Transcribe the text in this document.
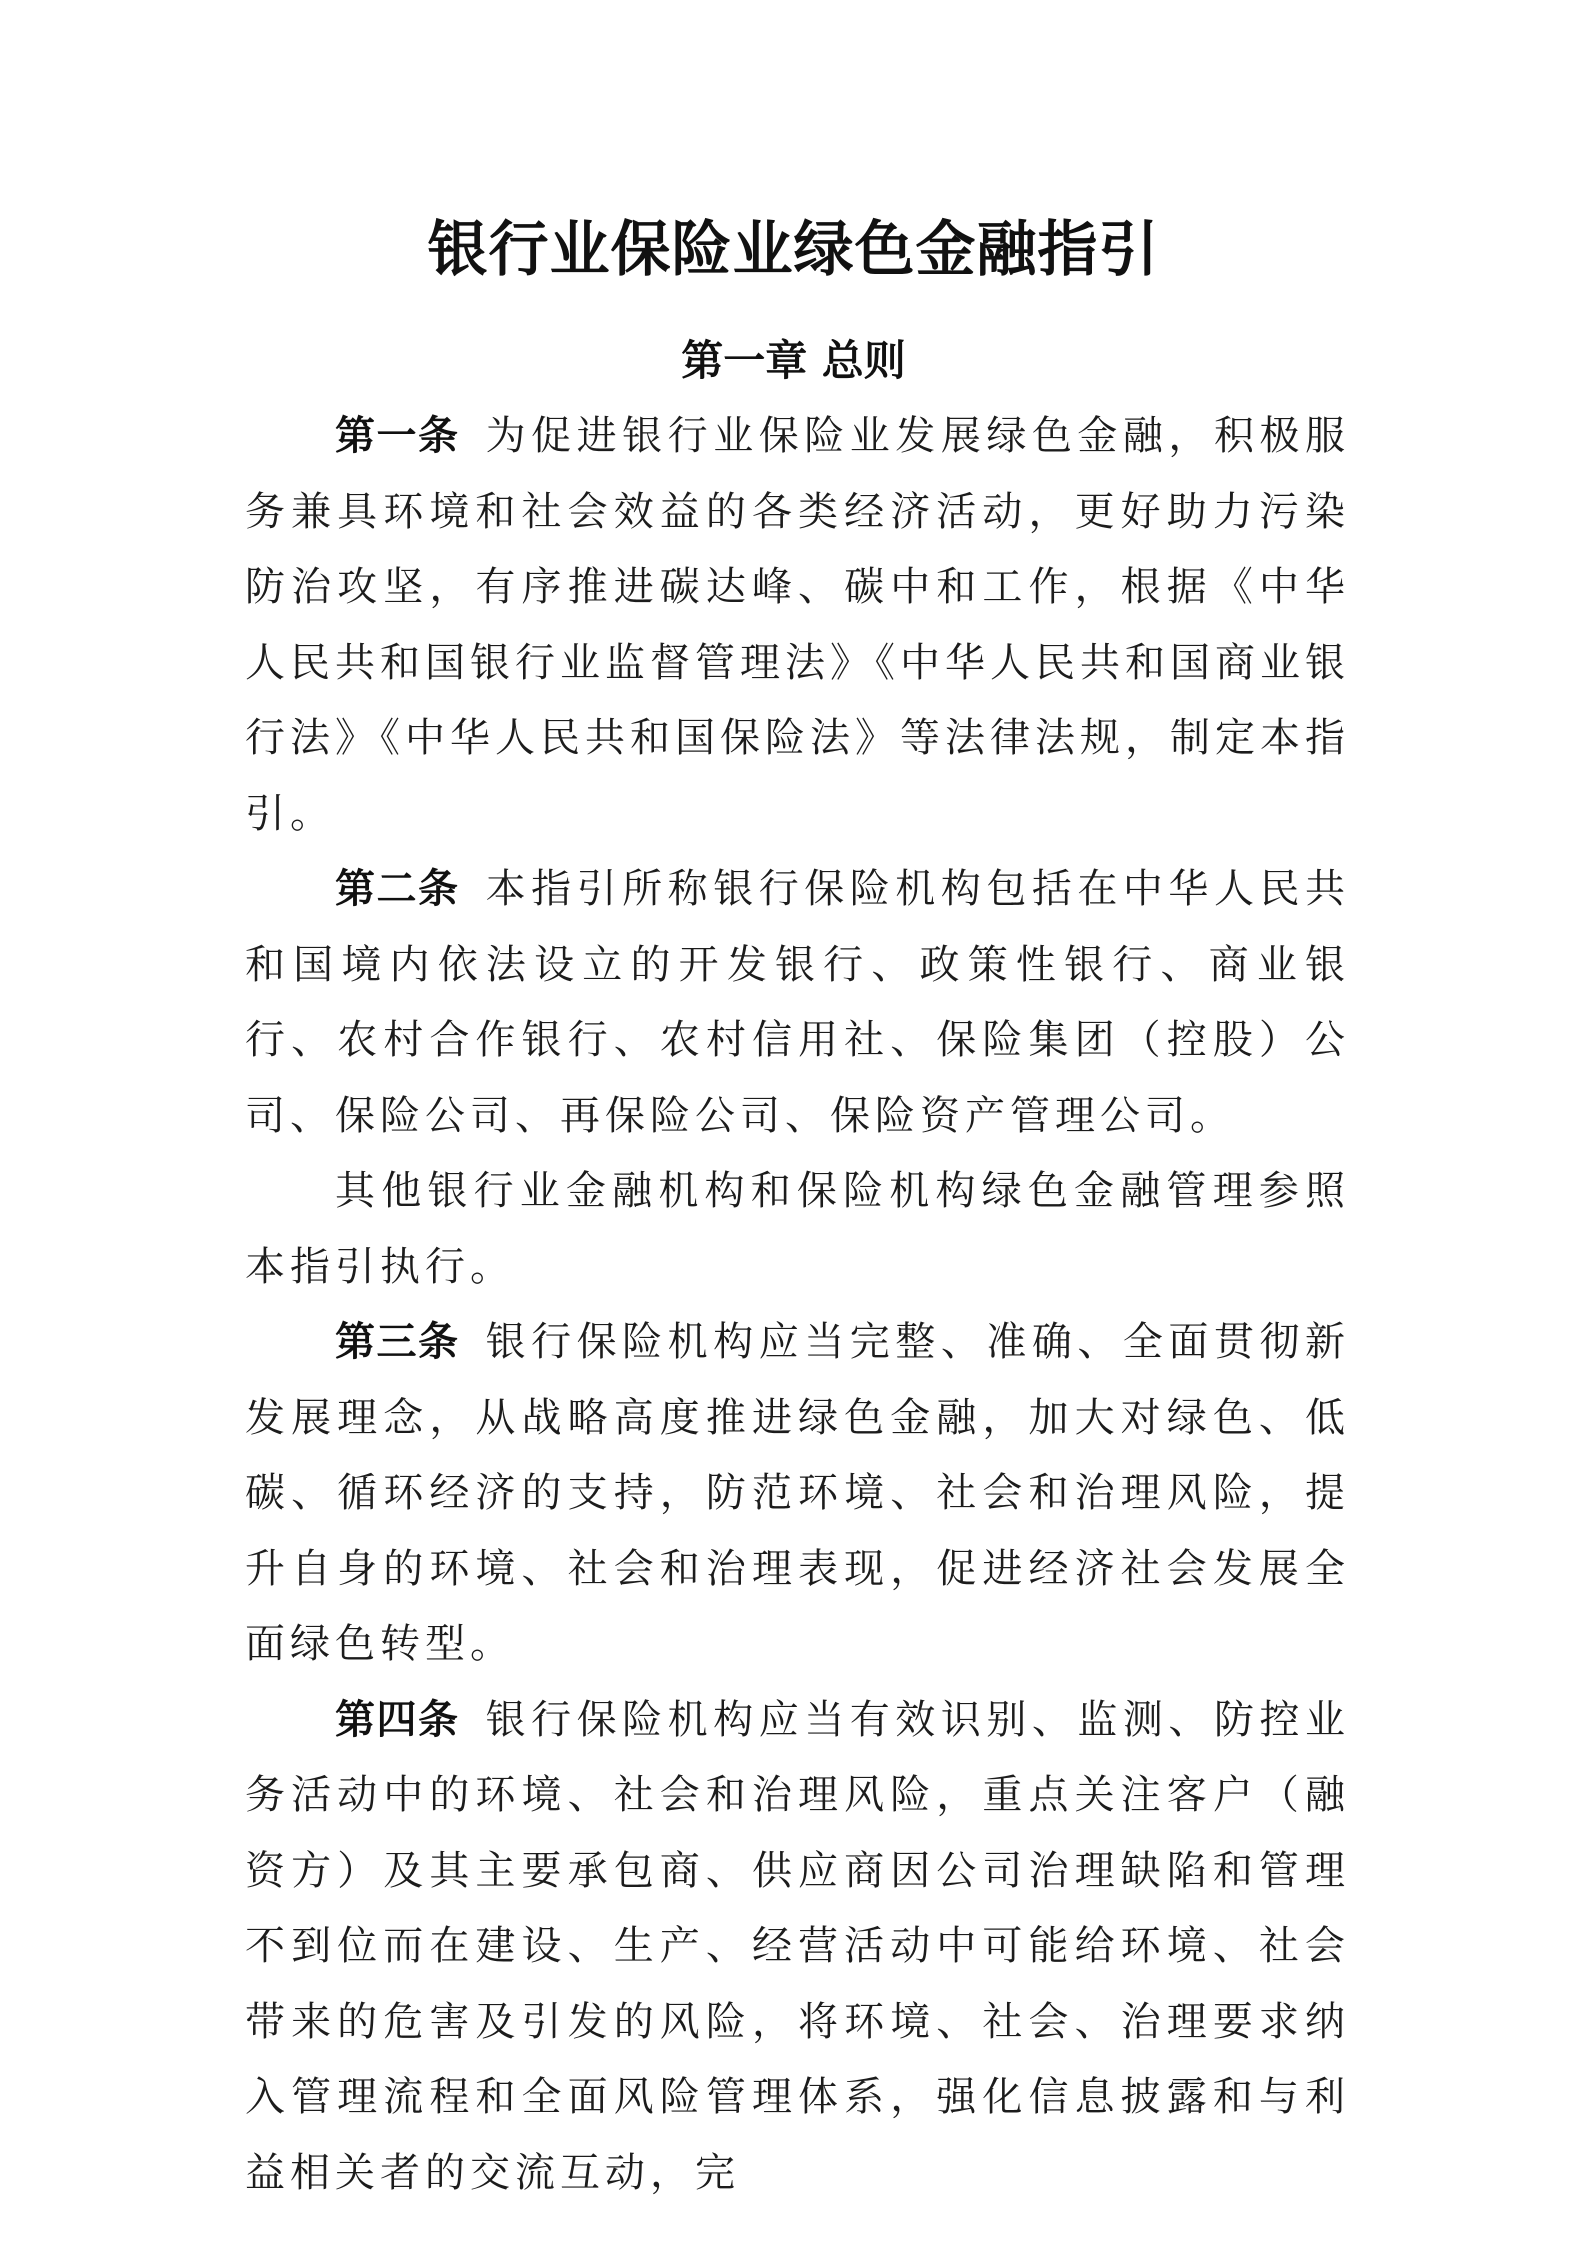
银行业保险业绿色金融指引
第一章 总则

第一条 为促进银行业保险业发展绿色金融，积极服务兼具环境和社会效益的各类经济活动，更好助力污染防治攻坚，有序推进碳达峰、碳中和工作，根据《中华人民共和国银行业监督管理法》《中华人民共和国商业银行法》《中华人民共和国保险法》等法律法规，制定本指引。

第二条 本指引所称银行保险机构包括在中华人民共和国境内依法设立的开发银行、政策性银行、商业银行、农村合作银行、农村信用社、保险集团（控股）公司、保险公司、再保险公司、保险资产管理公司。

其他银行业金融机构和保险机构绿色金融管理参照本指引执行。

第三条 银行保险机构应当完整、准确、全面贯彻新发展理念，从战略高度推进绿色金融，加大对绿色、低碳、循环经济的支持，防范环境、社会和治理风险，提升自身的环境、社会和治理表现，促进经济社会发展全面绿色转型。

第四条 银行保险机构应当有效识别、监测、防控业务活动中的环境、社会和治理风险，重点关注客户（融资方）及其主要承包商、供应商因公司治理缺陷和管理不到位而在建设、生产、经营活动中可能给环境、社会带来的危害及引发的风险，将环境、社会、治理要求纳入管理流程和全面风险管理体系，强化信息披露和与利益相关者的交流互动，完
